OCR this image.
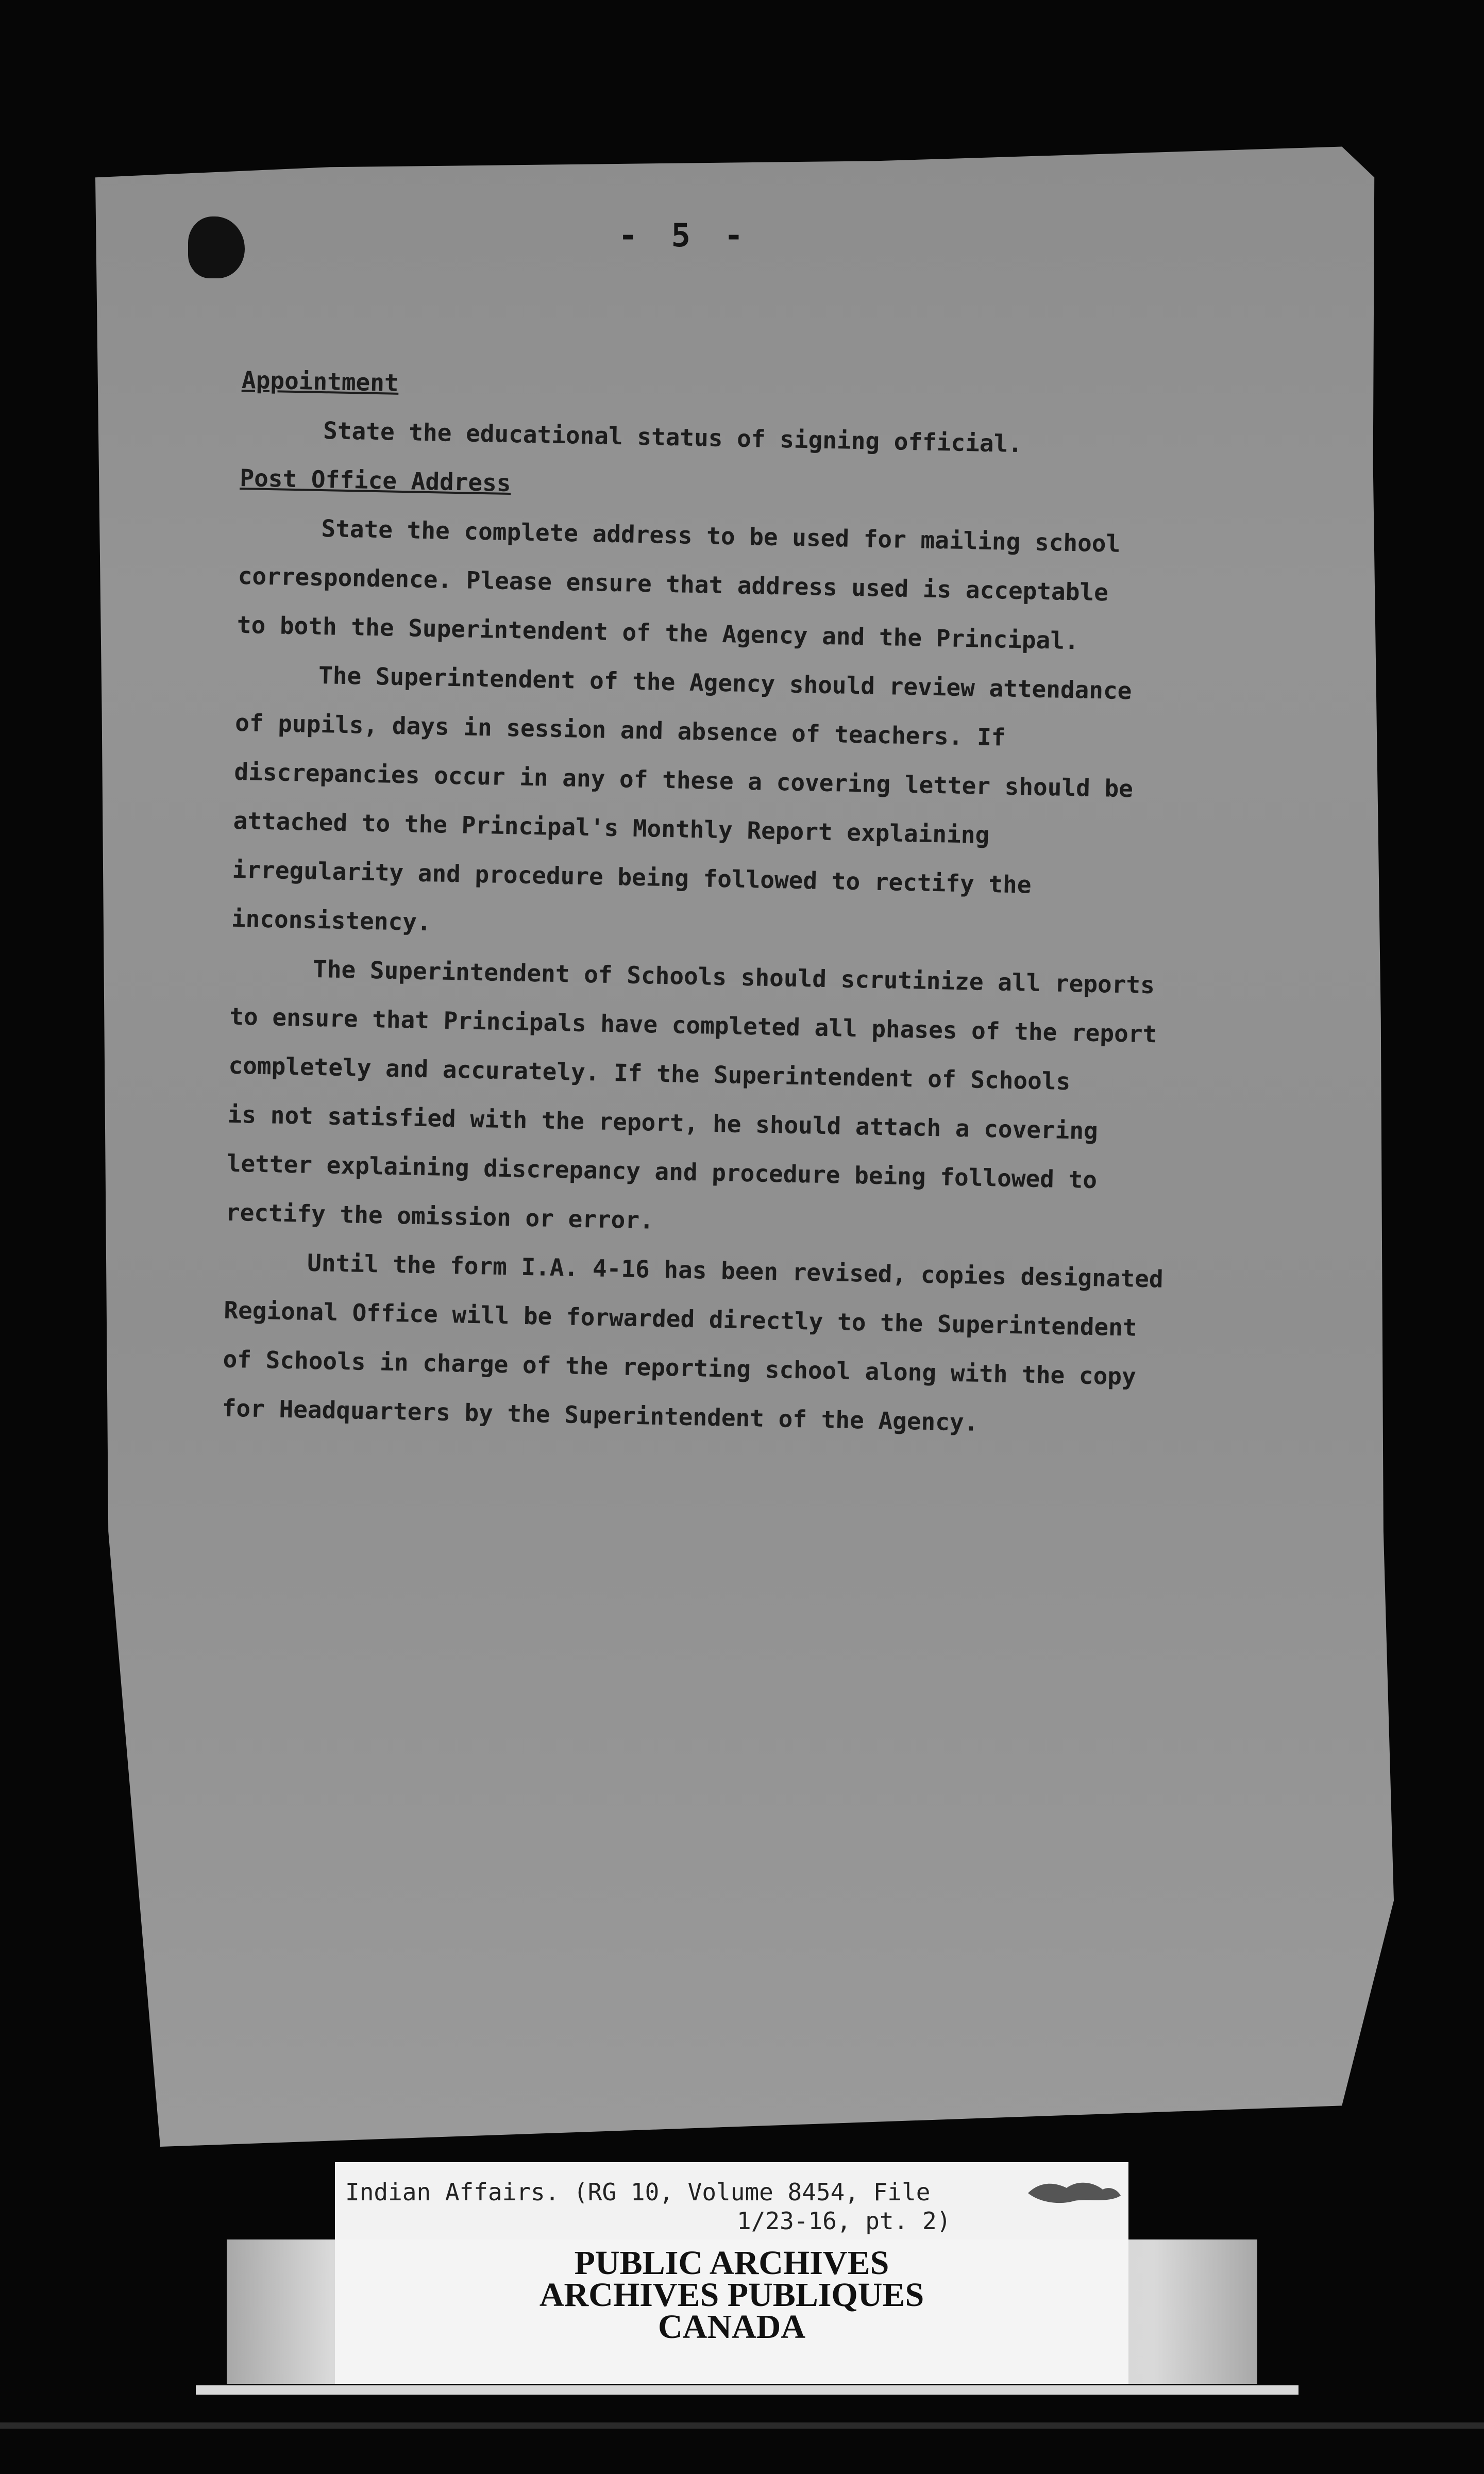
- 5 -
Appointment
State the educational status of signing official.
Post Office Address
State the complete address to be used for mailing school
correspondence. Please ensure that address used is acceptable
to both the Superintendent of the Agency and the Principal.
The Superintendent of the Agency should review attendance
of pupils, days in session and absence of teachers. If
discrepancies occur in any of these a covering letter should be
attached to the Principal's Monthly Report explaining
irregularity and procedure being followed to rectify the
inconsistency.
The Superintendent of Schools should scrutinize all reports
to ensure that Principals have completed all phases of the report
completely and accurately. If the Superintendent of Schools
is not satisfied with the report, he should attach a covering
letter explaining discrepancy and procedure being followed to
rectify the omission or error.
Until the form I.A. 4-16 has been revised, copies designated
Regional Office will be forwarded directly to the Superintendent
of Schools in charge of the reporting school along with the copy
for Headquarters by the Superintendent of the Agency.
Indian Affairs. (RG 10, Volume 8454, File
1/23-16, pt. 2)
PUBLIC ARCHIVES
ARCHIVES PUBLIQUES
CANADA
